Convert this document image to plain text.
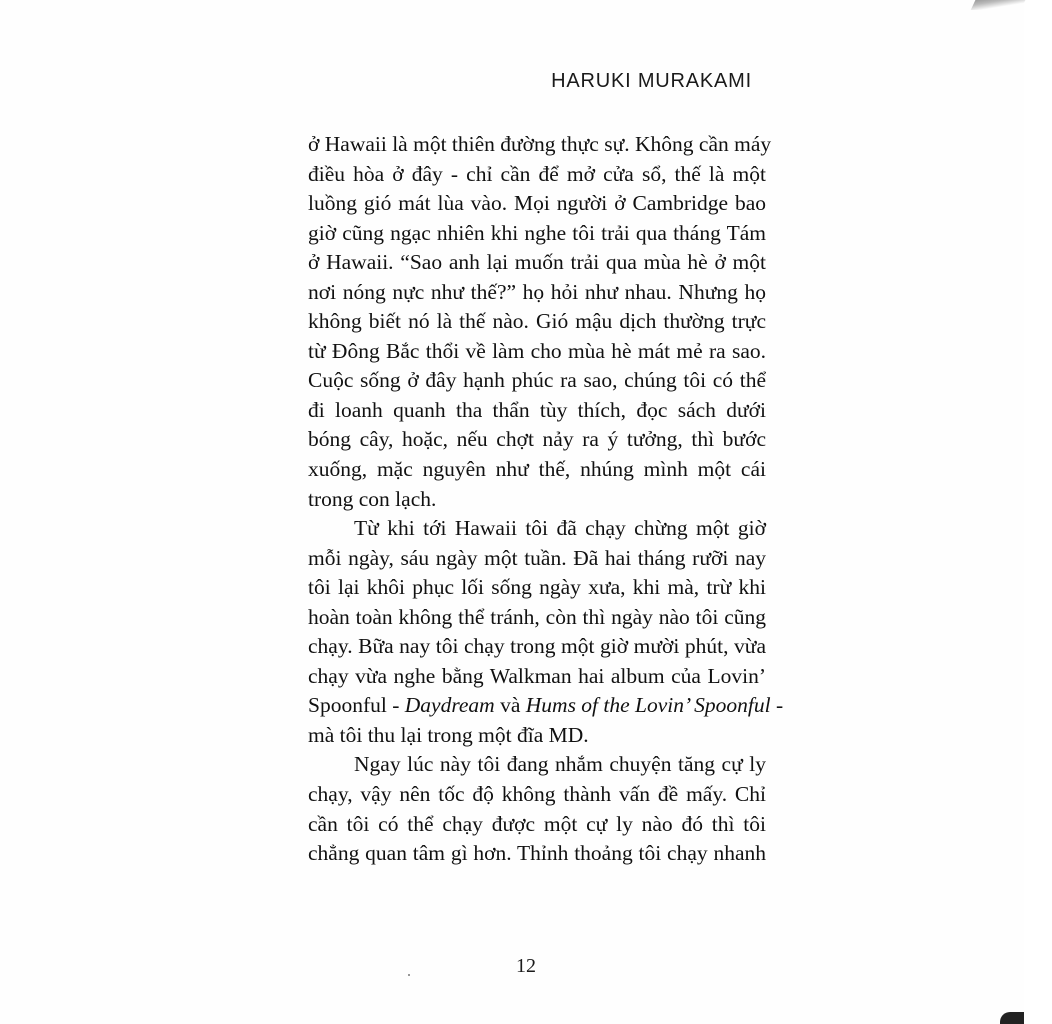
HARUKI MURAKAMI

ở Hawaii là một thiên đường thực sự. Không cần máy
điều hòa ở đây - chỉ cần để mở cửa sổ, thế là một
luồng gió mát lùa vào. Mọi người ở Cambridge bao
giờ cũng ngạc nhiên khi nghe tôi trải qua tháng Tám
ở Hawaii. “Sao anh lại muốn trải qua mùa hè ở một
nơi nóng nực như thế?” họ hỏi như nhau. Nhưng họ
không biết nó là thế nào. Gió mậu dịch thường trực
từ Đông Bắc thổi về làm cho mùa hè mát mẻ ra sao.
Cuộc sống ở đây hạnh phúc ra sao, chúng tôi có thể
đi loanh quanh tha thẩn tùy thích, đọc sách dưới
bóng cây, hoặc, nếu chợt nảy ra ý tưởng, thì bước
xuống, mặc nguyên như thế, nhúng mình một cái
trong con lạch.

Từ khi tới Hawaii tôi đã chạy chừng một giờ
mỗi ngày, sáu ngày một tuần. Đã hai tháng rưỡi nay
tôi lại khôi phục lối sống ngày xưa, khi mà, trừ khi
hoàn toàn không thể tránh, còn thì ngày nào tôi cũng
chạy. Bữa nay tôi chạy trong một giờ mười phút, vừa
chạy vừa nghe bằng Walkman hai album của Lovin’
Spoonful - Daydream và Hums of the Lovin’ Spoonful -
mà tôi thu lại trong một đĩa MD.

Ngay lúc này tôi đang nhắm chuyện tăng cự ly
chạy, vậy nên tốc độ không thành vấn đề mấy. Chỉ
cần tôi có thể chạy được một cự ly nào đó thì tôi
chẳng quan tâm gì hơn. Thỉnh thoảng tôi chạy nhanh

12
